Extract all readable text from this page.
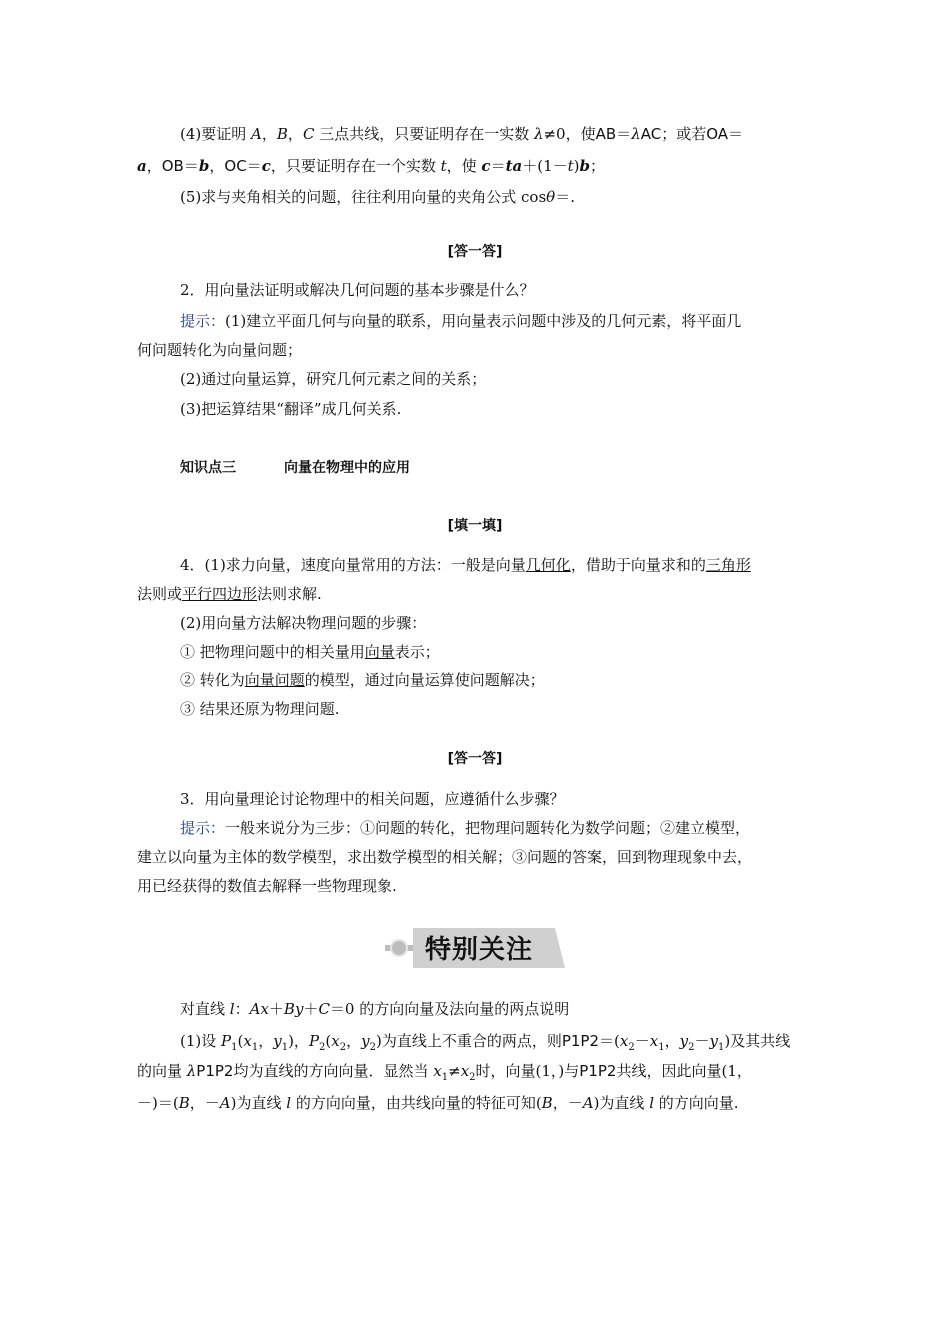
(4)要证明 A，B，C 三点共线，只要证明存在一实数 λ≠0，使AB＝λAC；或若OA＝
a，OB＝b，OC＝c，只要证明存在一个实数 t，使 c＝ta＋(1－t)b；
(5)求与夹角相关的问题，往往利用向量的夹角公式 cosθ＝.
[答一答]
2．用向量法证明或解决几何问题的基本步骤是什么？
提示：(1)建立平面几何与向量的联系，用向量表示问题中涉及的几何元素，将平面几
何问题转化为向量问题；
(2)通过向量运算，研究几何元素之间的关系；
(3)把运算结果“翻译”成几何关系.
知识点三	向量在物理中的应用
[填一填]
4．(1)求力向量，速度向量常用的方法：一般是向量几何化，借助于向量求和的三角形
法则或平行四边形法则求解.
(2)用向量方法解决物理问题的步骤：
① 把物理问题中的相关量用向量表示；
② 转化为向量问题的模型，通过向量运算使问题解决；
③ 结果还原为物理问题.
[答一答]
3．用向量理论讨论物理中的相关问题，应遵循什么步骤？
提示：一般来说分为三步：①问题的转化，把物理问题转化为数学问题；②建立模型，
建立以向量为主体的数学模型，求出数学模型的相关解；③问题的答案，回到物理现象中去，
用已经获得的数值去解释一些物理现象.
特别关注
对直线 l：Ax＋By＋C＝0 的方向向量及法向量的两点说明
(1)设 $P_1(x_1$，$y_1$)，$P_2(x_2$，$y_2$)为直线上不重合的两点，则$P1P2=(x_2-x_1$，$y_2-y_1$)及其共线
的向量 λP1P2均为直线的方向向量．显然当 $x_1\ne x_2$时，向量(1，)与P1P2共线，因此向量(1，
－)＝(B，－A)为直线 l 的方向向量，由共线向量的特征可知(B，－A)为直线 l 的方向向量.
